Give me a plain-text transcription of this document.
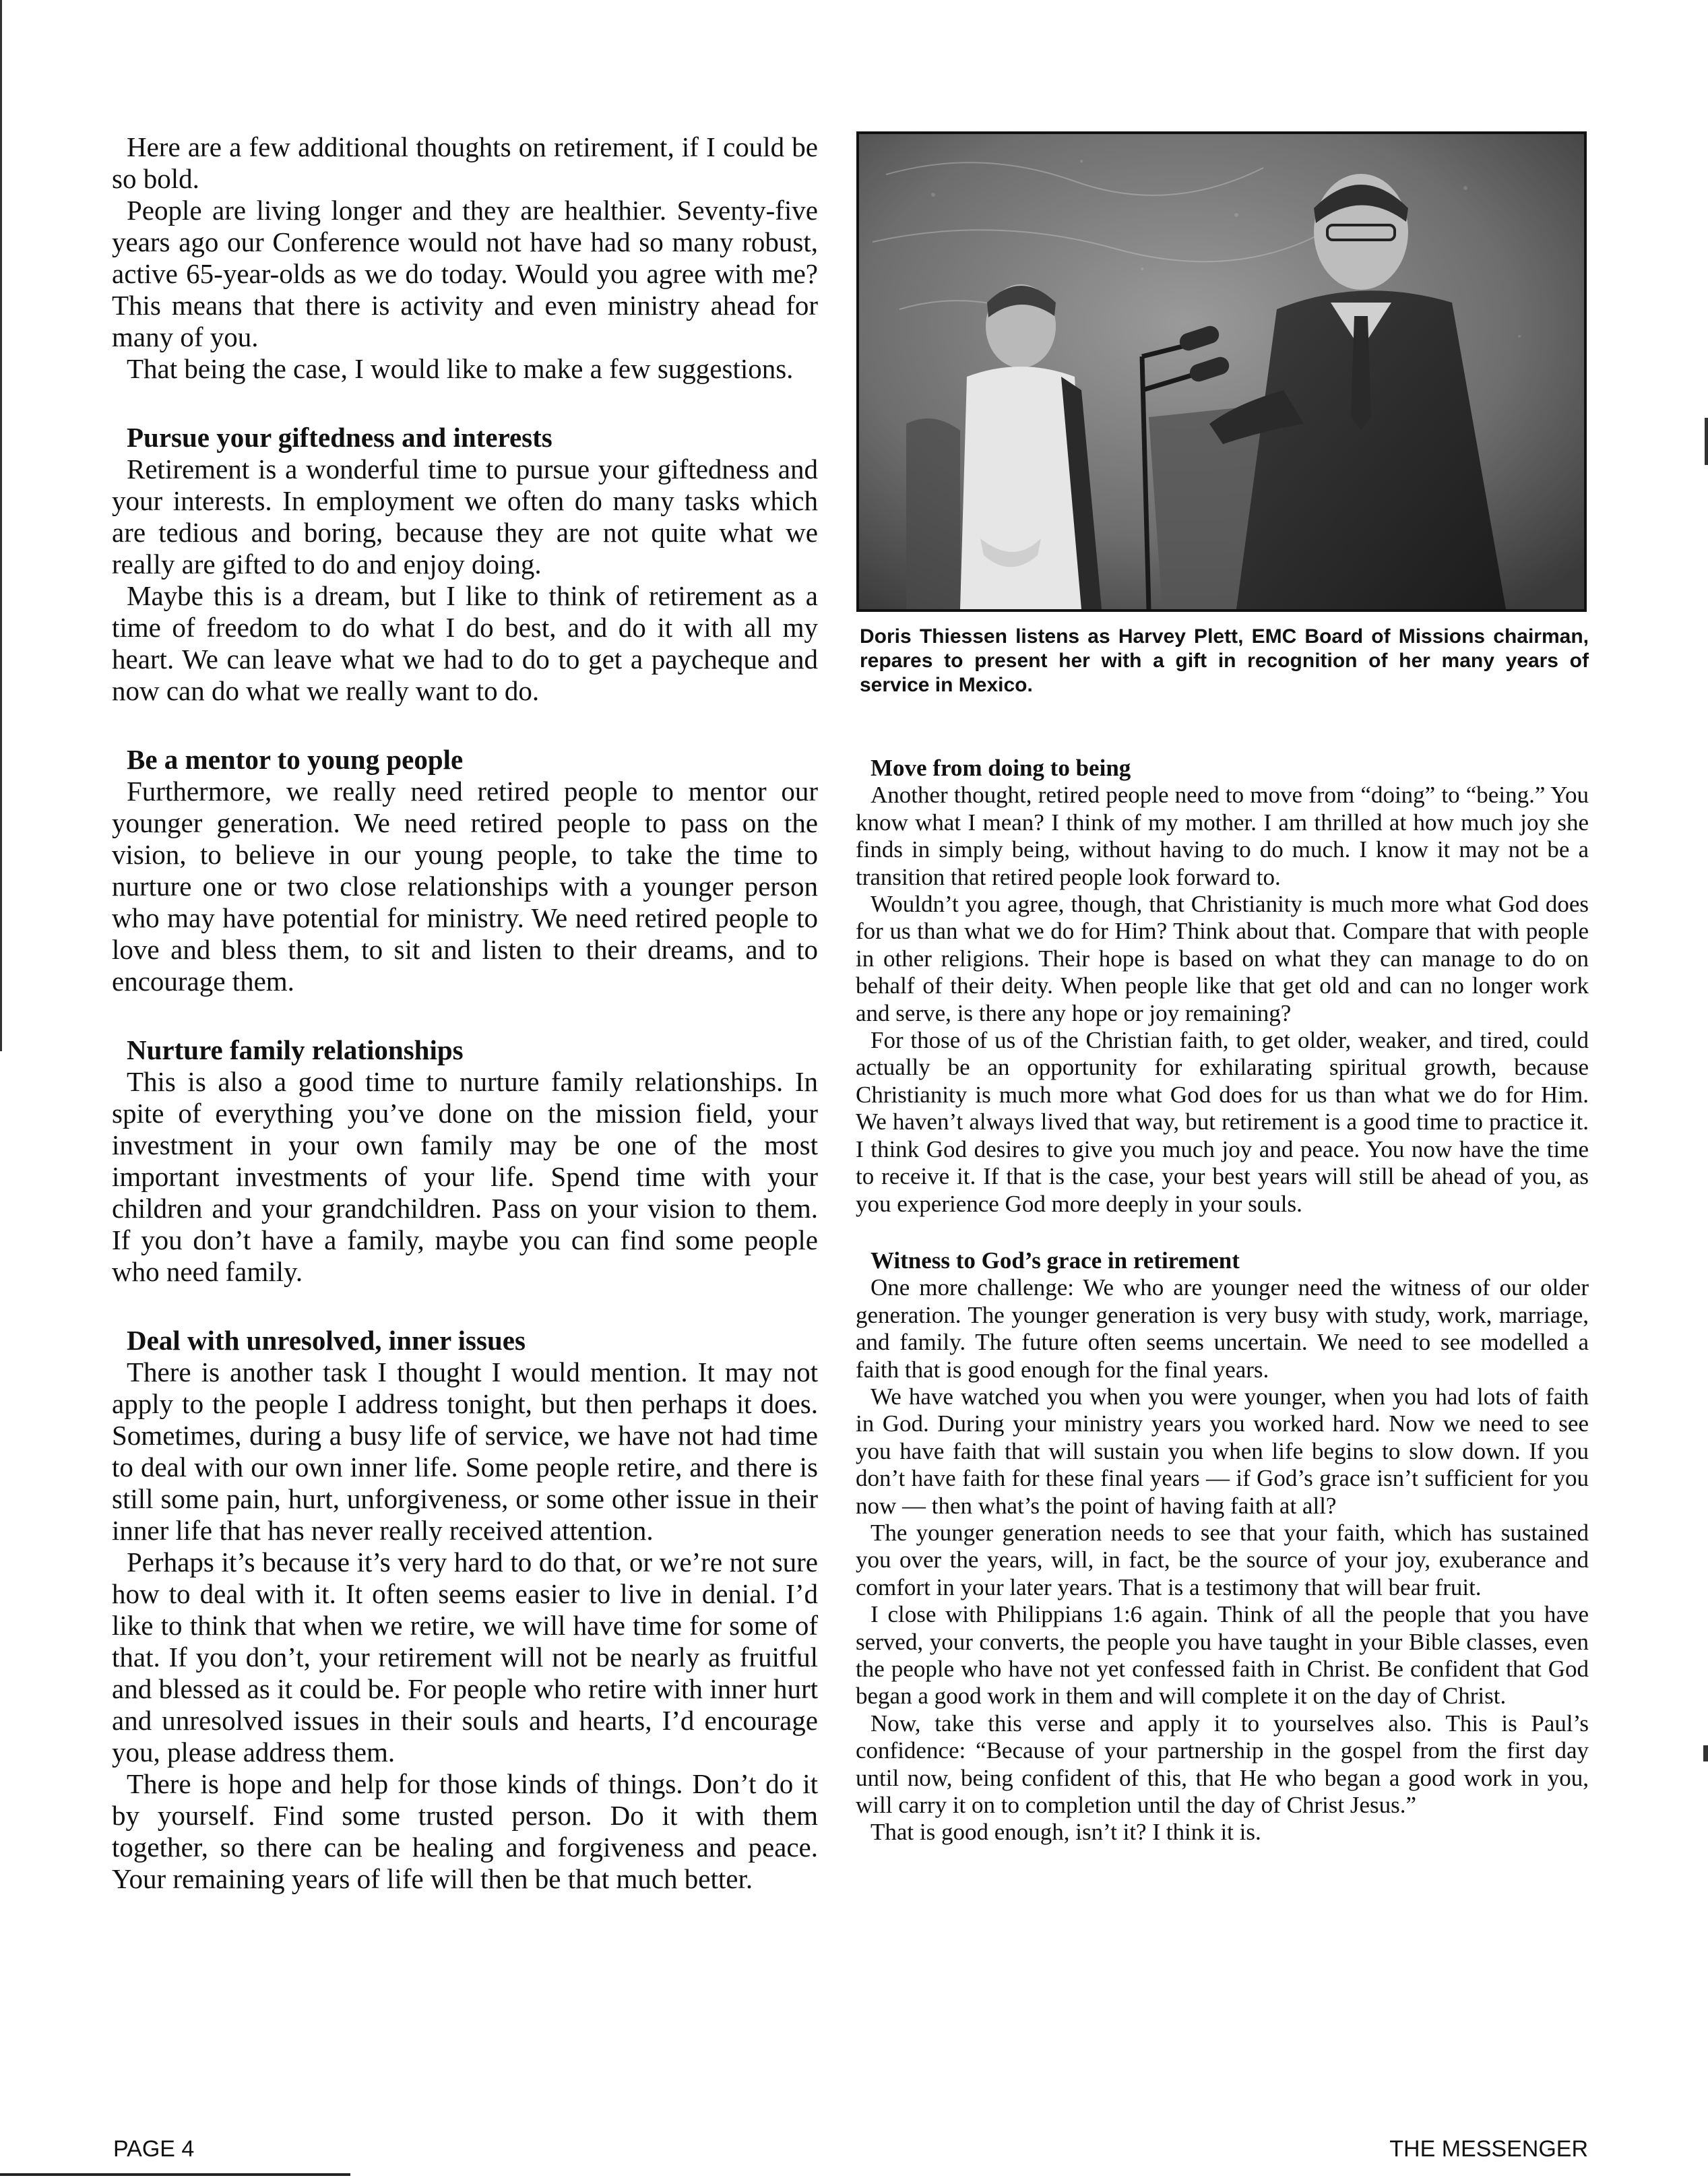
Here are a few additional thoughts on retirement, if I could be so bold.

People are living longer and they are healthier. Seventy-five years ago our Conference would not have had so many robust, active 65-year-olds as we do today. Would you agree with me? This means that there is activity and even ministry ahead for many of you.

That being the case, I would like to make a few suggestions.

Pursue your giftedness and interests

Retirement is a wonderful time to pursue your giftedness and your interests. In employment we often do many tasks which are tedious and boring, because they are not quite what we really are gifted to do and enjoy doing.

Maybe this is a dream, but I like to think of retirement as a time of freedom to do what I do best, and do it with all my heart. We can leave what we had to do to get a paycheque and now can do what we really want to do.

Be a mentor to young people

Furthermore, we really need retired people to mentor our younger generation. We need retired people to pass on the vision, to believe in our young people, to take the time to nurture one or two close relationships with a younger person who may have potential for ministry. We need retired people to love and bless them, to sit and listen to their dreams, and to encourage them.

Nurture family relationships

This is also a good time to nurture family relationships. In spite of everything you’ve done on the mission field, your investment in your own family may be one of the most important investments of your life. Spend time with your children and your grandchildren. Pass on your vision to them. If you don’t have a family, maybe you can find some people who need family.

Deal with unresolved, inner issues

There is another task I thought I would mention. It may not apply to the people I address tonight, but then perhaps it does. Sometimes, during a busy life of service, we have not had time to deal with our own inner life. Some people retire, and there is still some pain, hurt, unforgiveness, or some other issue in their inner life that has never really received attention.

Perhaps it’s because it’s very hard to do that, or we’re not sure how to deal with it. It often seems easier to live in denial. I’d like to think that when we retire, we will have time for some of that. If you don’t, your retirement will not be nearly as fruitful and blessed as it could be. For people who retire with inner hurt and unresolved issues in their souls and hearts, I’d encourage you, please address them.

There is hope and help for those kinds of things. Don’t do it by yourself. Find some trusted person. Do it with them together, so there can be healing and forgiveness and peace. Your remaining years of life will then be that much better.

Doris Thiessen listens as Harvey Plett, EMC Board of Missions chairman, repares to present her with a gift in recognition of her many years of service in Mexico.
Move from doing to being

Another thought, retired people need to move from “doing” to “being.” You know what I mean? I think of my mother. I am thrilled at how much joy she finds in simply being, without having to do much. I know it may not be a transition that retired people look forward to.

Wouldn’t you agree, though, that Christianity is much more what God does for us than what we do for Him? Think about that. Compare that with people in other religions. Their hope is based on what they can manage to do on behalf of their deity. When people like that get old and can no longer work and serve, is there any hope or joy remaining?

For those of us of the Christian faith, to get older, weaker, and tired, could actually be an opportunity for exhilarating spiritual growth, because Christianity is much more what God does for us than what we do for Him. We haven’t always lived that way, but retirement is a good time to practice it. I think God desires to give you much joy and peace. You now have the time to receive it. If that is the case, your best years will still be ahead of you, as you experience God more deeply in your souls.

Witness to God’s grace in retirement

One more challenge: We who are younger need the witness of our older generation. The younger generation is very busy with study, work, marriage, and family. The future often seems uncertain. We need to see modelled a faith that is good enough for the final years.

We have watched you when you were younger, when you had lots of faith in God. During your ministry years you worked hard. Now we need to see you have faith that will sustain you when life begins to slow down. If you don’t have faith for these final years — if God’s grace isn’t sufficient for you now — then what’s the point of having faith at all?

The younger generation needs to see that your faith, which has sustained you over the years, will, in fact, be the source of your joy, exuberance and comfort in your later years. That is a testimony that will bear fruit.

I close with Philippians 1:6 again. Think of all the people that you have served, your converts, the people you have taught in your Bible classes, even the people who have not yet confessed faith in Christ. Be confident that God began a good work in them and will complete it on the day of Christ.

Now, take this verse and apply it to yourselves also. This is Paul’s confidence: “Because of your partnership in the gospel from the first day until now, being confident of this, that He who began a good work in you, will carry it on to completion until the day of Christ Jesus.”

That is good enough, isn’t it? I think it is.

PAGE 4	THE MESSENGER
